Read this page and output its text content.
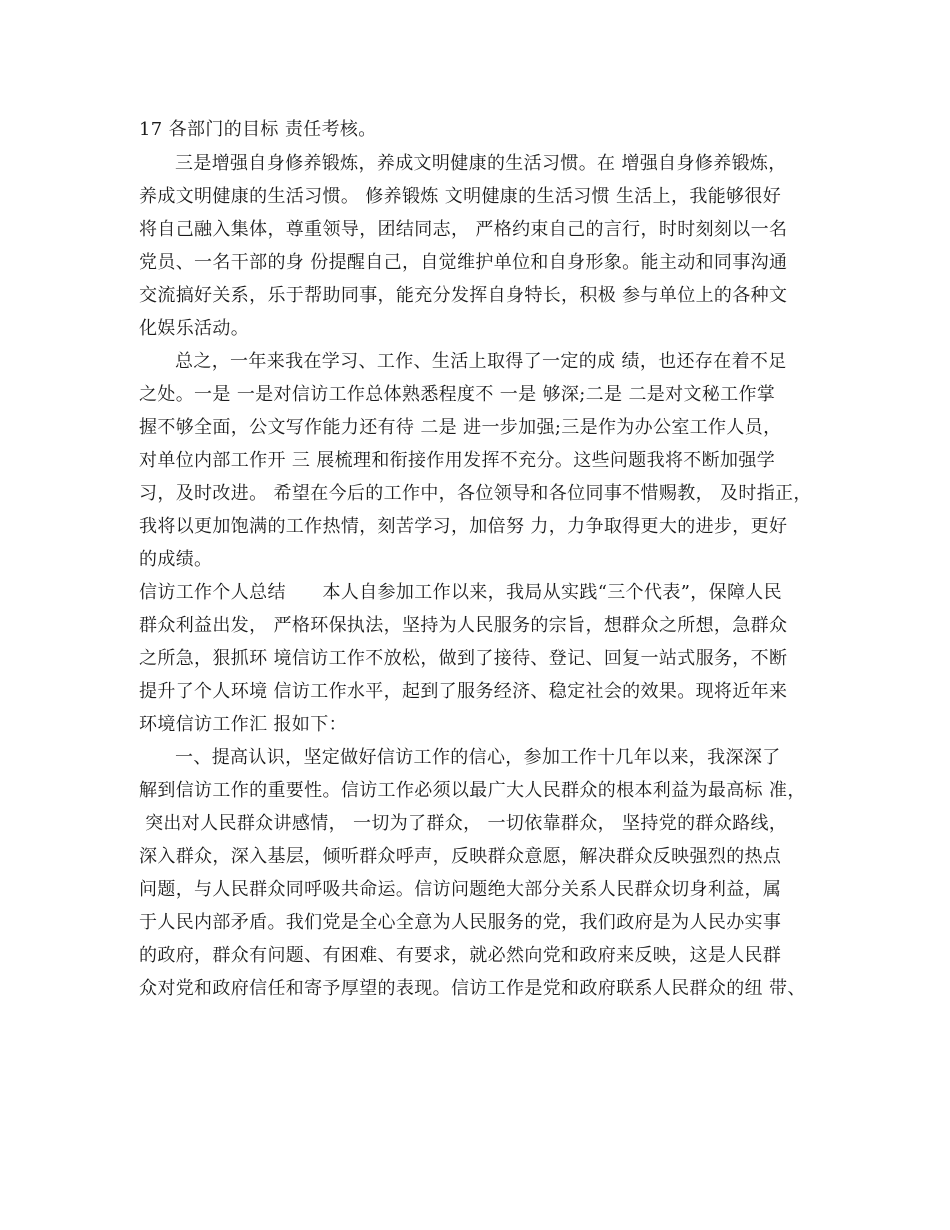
17 各部门的目标 责任考核。
三是增强自身修养锻炼，养成文明健康的生活习惯。在 增强自身修养锻炼，
养成文明健康的生活习惯。 修养锻炼 文明健康的生活习惯 生活上，我能够很好
将自己融入集体，尊重领导，团结同志， 严格约束自己的言行，时时刻刻以一名
党员、一名干部的身 份提醒自己，自觉维护单位和自身形象。能主动和同事沟通
交流搞好关系，乐于帮助同事，能充分发挥自身特长，积极 参与单位上的各种文
化娱乐活动。
总之，一年来我在学习、工作、生活上取得了一定的成 绩，也还存在着不足
之处。一是 一是对信访工作总体熟悉程度不 一是 够深;二是 二是对文秘工作掌
握不够全面，公文写作能力还有待 二是 进一步加强;三是作为办公室工作人员，
对单位内部工作开 三 展梳理和衔接作用发挥不充分。这些问题我将不断加强学
习，及时改进。 希望在今后的工作中，各位领导和各位同事不惜赐教， 及时指正，
我将以更加饱满的工作热情，刻苦学习，加倍努 力，力争取得更大的进步，更好
的成绩。
信访工作个人总结　　本人自参加工作以来，我局从实践“三个代表”，保障人民
群众利益出发， 严格环保执法，坚持为人民服务的宗旨，想群众之所想，急群众
之所急，狠抓环 境信访工作不放松，做到了接待、登记、回复一站式服务，不断
提升了个人环境 信访工作水平，起到了服务经济、稳定社会的效果。现将近年来
环境信访工作汇 报如下：
一、提高认识，坚定做好信访工作的信心，参加工作十几年以来，我深深了
解到信访工作的重要性。信访工作必须以最广大人民群众的根本利益为最高标 准，
突出对人民群众讲感情， 一切为了群众， 一切依靠群众， 坚持党的群众路线，
深入群众，深入基层，倾听群众呼声，反映群众意愿，解决群众反映强烈的热点
问题，与人民群众同呼吸共命运。信访问题绝大部分关系人民群众切身利益，属
于人民内部矛盾。我们党是全心全意为人民服务的党，我们政府是为人民办实事
的政府，群众有问题、有困难、有要求，就必然向党和政府来反映，这是人民群
众对党和政府信任和寄予厚望的表现。信访工作是党和政府联系人民群众的纽 带、
